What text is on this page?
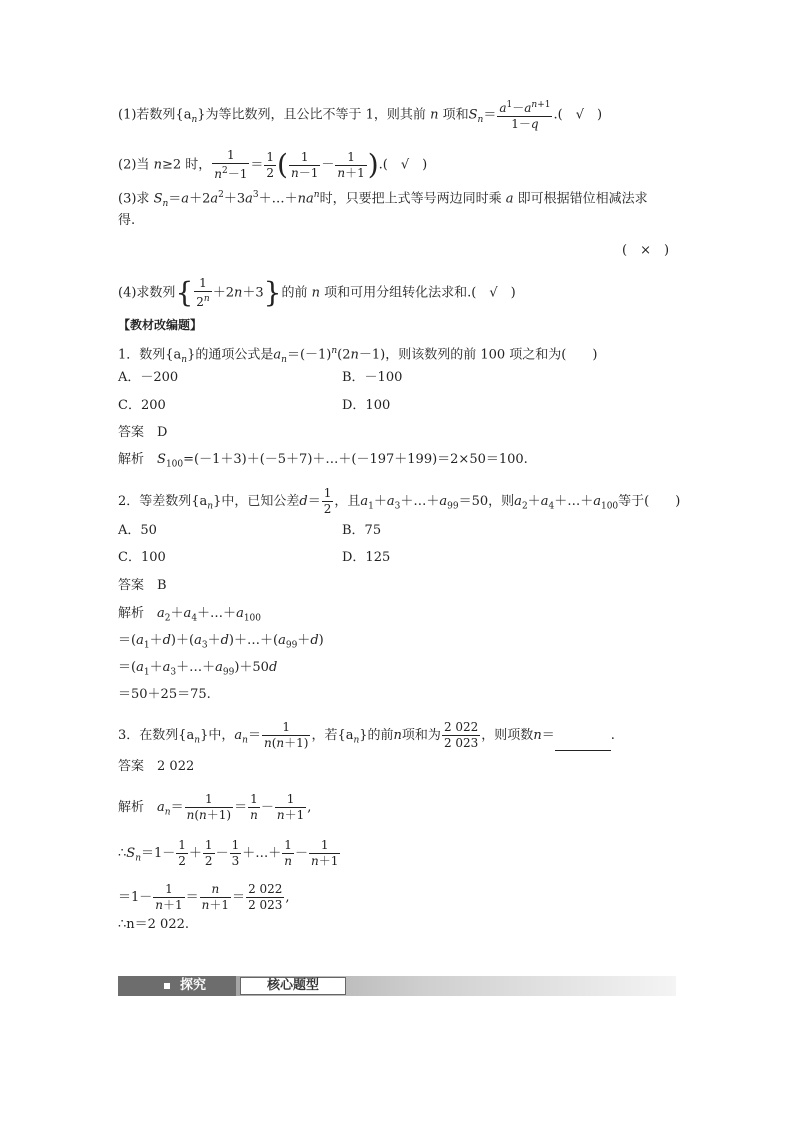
(1)若数列$\{a_n\}$为等比数列，且公比不等于 1，则其前 n 项和$S_n= \frac{a^1-a^{n+1}}{1-q}$ .(　√　)
(2)当 n≥2 时， $\frac{1}{n^2-1} = \frac{1}{2}$ ( $\frac{1}{n-1} - \frac{1}{n+1}$ ).(　√　)
(3)求 $S_n=a+2a^2+3a^3+\dots+na^n$时，只要把上式等号两边同时乘 a 即可根据错位相减法求
得.
(　×　)
(4)求数列{ $\frac{1}{2^n} +2n+3$}的前 n 项和可用分组转化法求和.(　√　)
【教材改编题】
1．数列$\{a_n\}$的通项公式是$a_n=(-1)^n(2n-1)$，则该数列的前 100 项之和为(　　)
A．－200	B．－100
C．200	D．100
答案　 D
解析　 $S_{100}=(-1+3)+(-5+7)+\dots+(-197+199)=2\times 50=100$.
2．等差数列$\{a_n\}$中，已知公差$d= \frac{1}{2}$ ，且$a_1+a_3+\dots+a_{99}=50$，则$a_2+a_4+\dots+a_{100}$等于(　　)
A．50	B．75
C．100	D．125
答案　 B
解析　 $a_2+a_4+\dots+a_{100}$
$=(a_1+d)+(a_3+d)+\dots+(a_{99}+d)$
$=(a_1+a_3+\dots+a_{99})+50d$
＝50＋25＝75.
3．在数列$\{a_n\}$中，$a_n= \frac{1}{n(n+1)}$ ，若$\{a_n\}$的前n项和为 $\frac{2 022}{2 023}$ ，则项数n＝	.
答案　 2 022
解析　 $a_n= \frac{1}{n(n+1)} = \frac{1}{n} - \frac{1}{n+1}$ ,
$\therefore S_n=1- \frac{1}{2} + \frac{1}{2} - \frac{1}{3}$ ＋…＋ $\frac{1}{n} - \frac{1}{n+1}$
$=1- \frac{1}{n+1} = \frac{n}{n+1} = \frac{2 022}{2 023}$ ,
∴n＝2 022.
探究	核心题型
